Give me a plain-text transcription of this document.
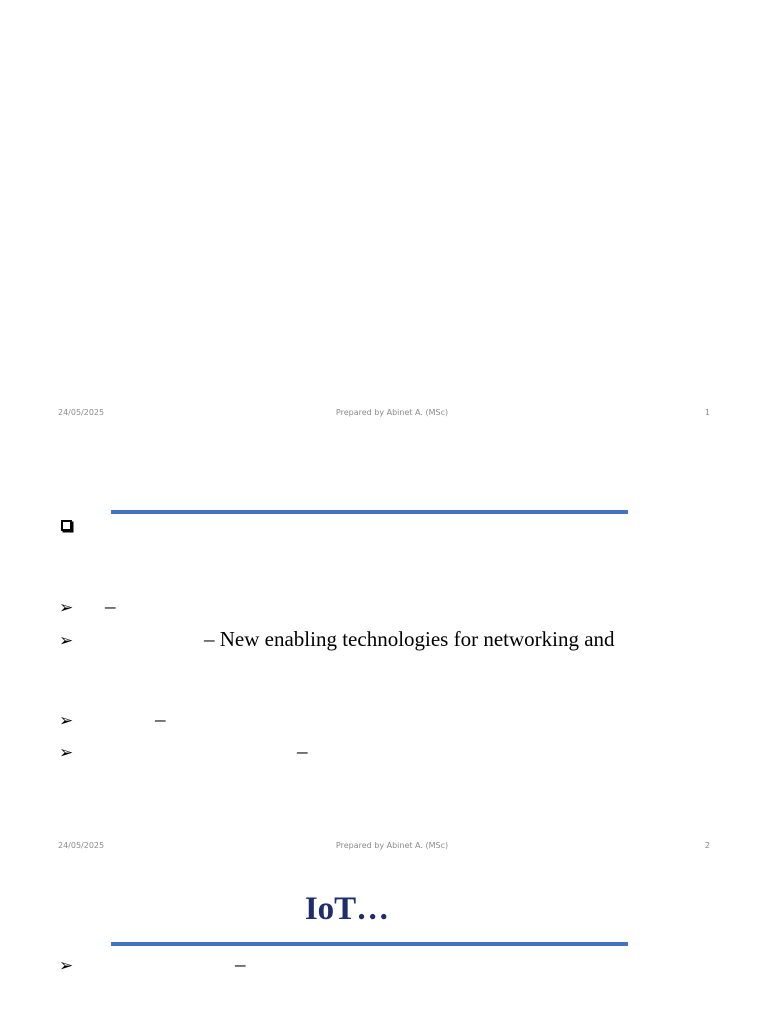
24/05/2025	Prepared by Abinet A. (MSc)	1
➢ –
➢	– New enabling technologies for networking and
➢	–
➢	–
24/05/2025	Prepared by Abinet A. (MSc)	2
IoT…
➢	–
